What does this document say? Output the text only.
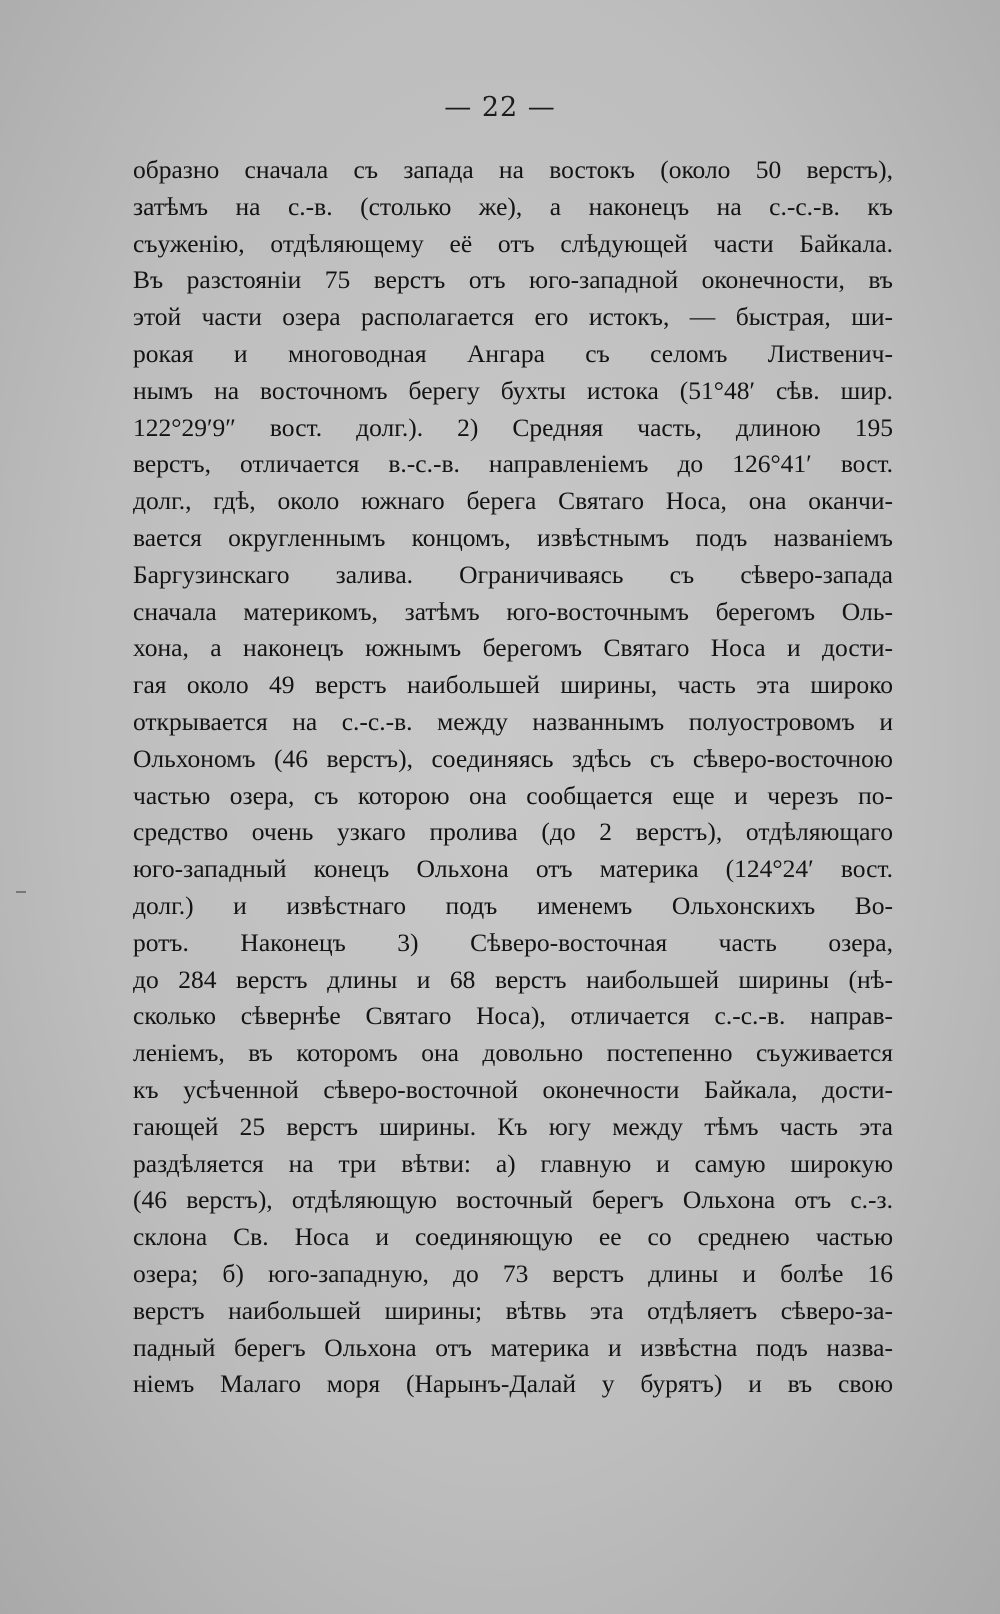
— 22 —
образно сначала съ запада на востокъ (около 50 верстъ),
затѣмъ на с.-в. (столько же), а наконецъ на с.-с.-в. къ
съуженію, отдѣляющему её отъ слѣдующей части Байкала.
Въ разстояніи 75 верстъ отъ юго-западной оконечности, въ
этой части озера располагается его истокъ, — быстрая, ши-
рокая и многоводная Ангара съ селомъ Лиственич-
нымъ на восточномъ берегу бухты истока (51°48′ сѣв. шир.
122°29′9″ вост. долг.). 2) Средняя часть, длиною 195
верстъ, отличается в.-с.-в. направленіемъ до 126°41′ вост.
долг., гдѣ, около южнаго берега Святаго Носа, она оканчи-
вается округленнымъ концомъ, извѣстнымъ подъ названіемъ
Баргузинскаго залива. Ограничиваясь съ сѣверо-запада
сначала материкомъ, затѣмъ юго-восточнымъ берегомъ Оль-
хона, а наконецъ южнымъ берегомъ Святаго Носа и дости-
гая около 49 верстъ наибольшей ширины, часть эта широко
открывается на с.-с.-в. между названнымъ полуостровомъ и
Ольхономъ (46 верстъ), соединяясь здѣсь съ сѣверо-восточною
частью озера, съ которою она сообщается еще и черезъ по-
средство очень узкаго пролива (до 2 верстъ), отдѣляющаго
юго-западный конецъ Ольхона отъ материка (124°24′ вост.
долг.) и извѣстнаго подъ именемъ Ольхонскихъ Во-
ротъ. Наконецъ 3) Сѣверо-восточная часть озера,
до 284 верстъ длины и 68 верстъ наибольшей ширины (нѣ-
сколько сѣвернѣе Святаго Носа), отличается с.-с.-в. направ-
леніемъ, въ которомъ она довольно постепенно съуживается
къ усѣченной сѣверо-восточной оконечности Байкала, дости-
гающей 25 верстъ ширины. Къ югу между тѣмъ часть эта
раздѣляется на три вѣтви: а) главную и самую широкую
(46 верстъ), отдѣляющую восточный берегъ Ольхона отъ с.-з.
склона Св. Носа и соединяющую ее со среднею частью
озера; б) юго-западную, до 73 верстъ длины и болѣе 16
верстъ наибольшей ширины; вѣтвь эта отдѣляетъ сѣверо-за-
падный берегъ Ольхона отъ материка и извѣстна подъ назва-
ніемъ Малаго моря (Нарынъ-Далай у бурятъ) и въ свою
